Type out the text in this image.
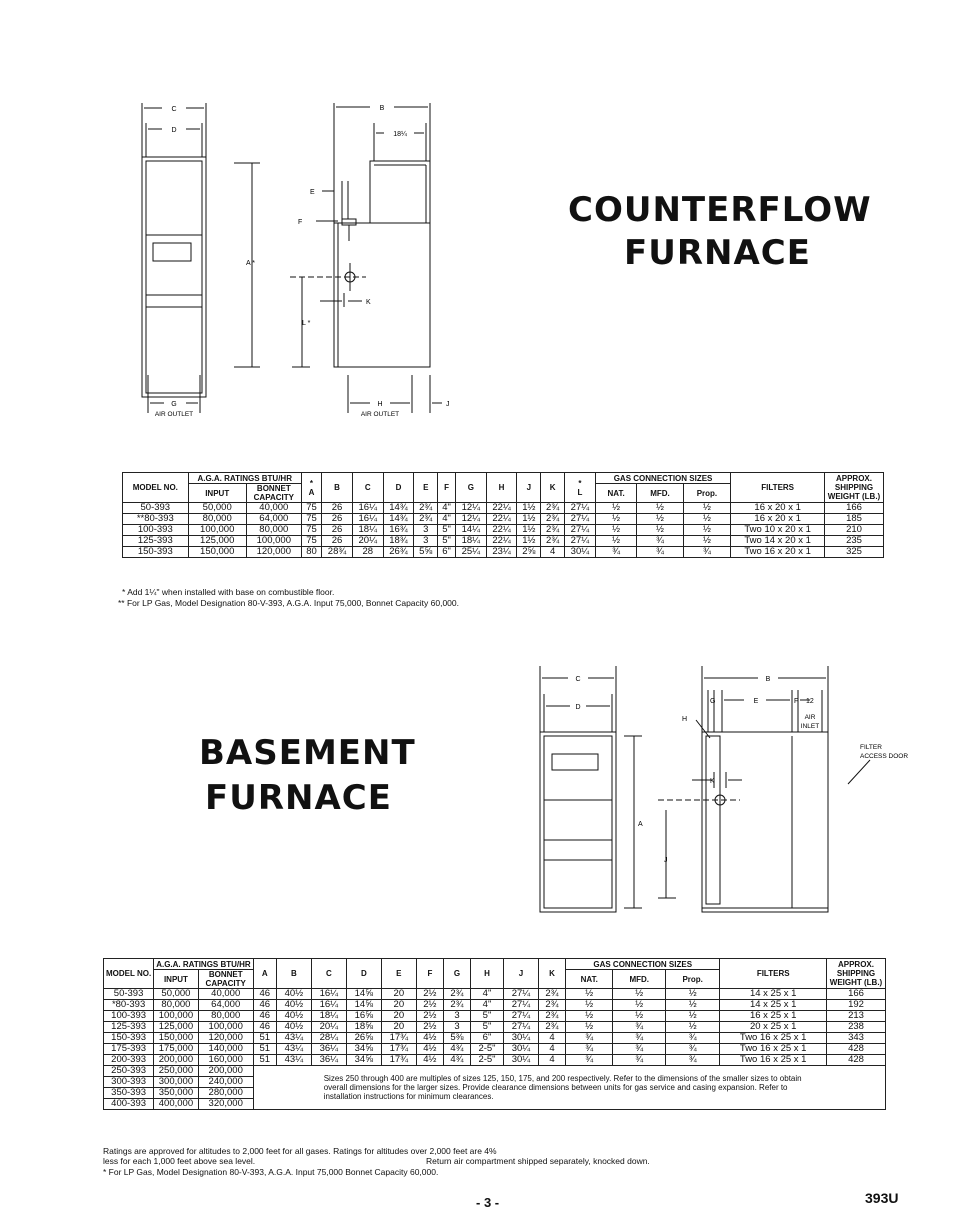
C
D
B
18¼
E
F
A *
K
L *
G
AIR OUTLET
H
AIR OUTLET
J
COUNTERFLOW
FURNACE
MODEL NO.	A.G.A. RATINGS BTU/HR		*
A	B	C	D	E	F	G	H	J	K	*
L	GAS CONNECTION SIZES			FILTERS	APPROX. SHIPPING WEIGHT (LB.)
	INPUT	BONNET CAPACITY																
														NAT.	MFD.	Prop.		
50-393	50,000	40,000	75	26	16¼	14¾	2¾	4"	12¼	22¼	1½	2¾	27¼	½	½	½	16 x 20 x 1	166
**80-393	80,000	64,000	75	26	16¼	14¾	2¾	4"	12¼	22¼	1½	2¾	27¼	½	½	½	16 x 20 x 1	185
100-393	100,000	80,000	75	26	18¼	16¾	3	5"	14¼	22¼	1½	2¾	27¼	½	½	½	Two 10 x 20 x 1	210
125-393	125,000	100,000	75	26	20¼	18¾	3	5"	18¼	22¼	1½	2¾	27¼	½	¾	½	Two 14 x 20 x 1	235
150-393	150,000	120,000	80	28¾	28	26¾	5⅝	6"	25¼	23¼	2⅝	4	30¼	¾	¾	¾	Two 16 x 20 x 1	325
* Add 1¼" when installed with base on combustible floor.
** For LP Gas, Model Designation 80-V-393, A.G.A. Input 75,000, Bonnet Capacity 60,000.
BASEMENT
FURNACE
C
D
B
G	E	F 12
AIR
INLET
H
K
A
J
FILTER
ACCESS DOOR
MODEL NO.	A.G.A. RATINGS BTU/HR		A	B	C	D	E	F	G	H	J	K	GAS CONNECTION SIZES			FILTERS	APPROX. SHIPPING WEIGHT (LB.)
	INPUT	BONNET CAPACITY															
													NAT.	MFD.	Prop.		
50-393	50,000	40,000	46	40½	16¼	14⅝	20	2½	2¾	4"	27¼	2¾	½	½	½	14 x 25 x 1	166
*80-393	80,000	64,000	46	40½	16¼	14⅝	20	2½	2¾	4"	27¼	2¾	½	½	½	14 x 25 x 1	192
100-393	100,000	80,000	46	40½	18¼	16⅝	20	2½	3	5"	27¼	2¾	½	½	½	16 x 25 x 1	213
125-393	125,000	100,000	46	40½	20¼	18⅝	20	2½	3	5"	27¼	2¾	½	¾	½	20 x 25 x 1	238
150-393	150,000	120,000	51	43¼	28¼	26⅝	17¾	4½	5⅜	6"	30¼	4	¾	¾	¾	Two 16 x 25 x 1	343
175-393	175,000	140,000	51	43¼	36¼	34⅝	17¾	4½	4¾	2-5"	30¼	4	¾	¾	¾	Two 16 x 25 x 1	428
200-393	200,000	160,000	51	43¼	36¼	34⅝	17¾	4½	4¾	2-5"	30¼	4	¾	¾	¾	Two 16 x 25 x 1	428
250-393	250,000	200,000	Sizes 250 through 400 are multiples of sizes 125, 150, 175, and 200 respectively. Refer to the dimensions of the smaller sizes to obtain overall dimensions for the larger sizes. Provide clearance dimensions between units for gas service and casing expansion. Refer to installation instructions for minimum clearances.														
300-393	300,000	240,000															
350-393	350,000	280,000															
400-393	400,000	320,000															
Ratings are approved for altitudes to 2,000 feet for all gases. Ratings for altitudes over 2,000 feet are 4%
less for each 1,000 feet above sea level.	Return air compartment shipped separately, knocked down.
* For LP Gas, Model Designation 80-V-393, A.G.A. Input 75,000 Bonnet Capacity 60,000.
- 3 -	393U
